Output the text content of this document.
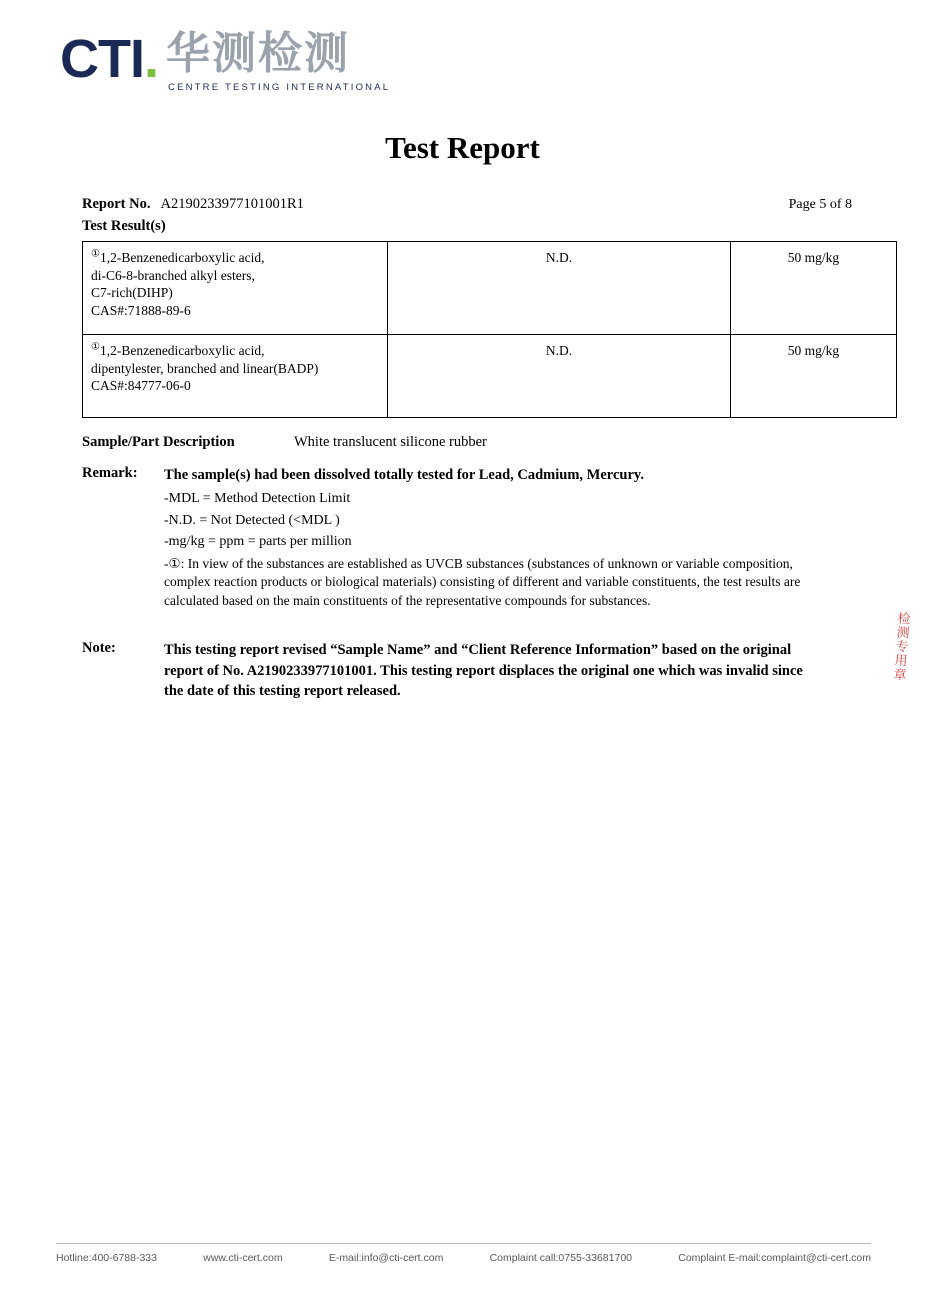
CTI. 华测检测
CENTRE TESTING INTERNATIONAL
Test Report
Report No. A2190233977101001R1	Page 5 of 8
Test Result(s)
①1,2-Benzenedicarboxylic acid,
di-C6-8-branched alkyl esters,
C7-rich(DIHP)
CAS#:71888-89-6	N.D.	50 mg/kg
①1,2-Benzenedicarboxylic acid,
dipentylester, branched and linear(BADP)
CAS#:84777-06-0	N.D.	50 mg/kg
Sample/Part Description	White translucent silicone rubber
Remark: The sample(s) had been dissolved totally tested for Lead, Cadmium, Mercury.
-MDL = Method Detection Limit
-N.D. = Not Detected (<MDL )
-mg/kg = ppm = parts per million
-①: In view of the substances are established as UVCB substances (substances of unknown or variable composition, complex reaction products or biological materials) consisting of different and variable constituents, the test results are calculated based on the main constituents of the representative compounds for substances.
Note:	This testing report revised “Sample Name” and “Client Reference Information” based on the original report of No. A2190233977101001. This testing report displaces the original one which was invalid since the date of this testing report released.
检测专用章
Hotline:400-6788-333	www.cti-cert.com	E-mail:info@cti-cert.com	Complaint call:0755-33681700	Complaint E-mail:complaint@cti-cert.com
